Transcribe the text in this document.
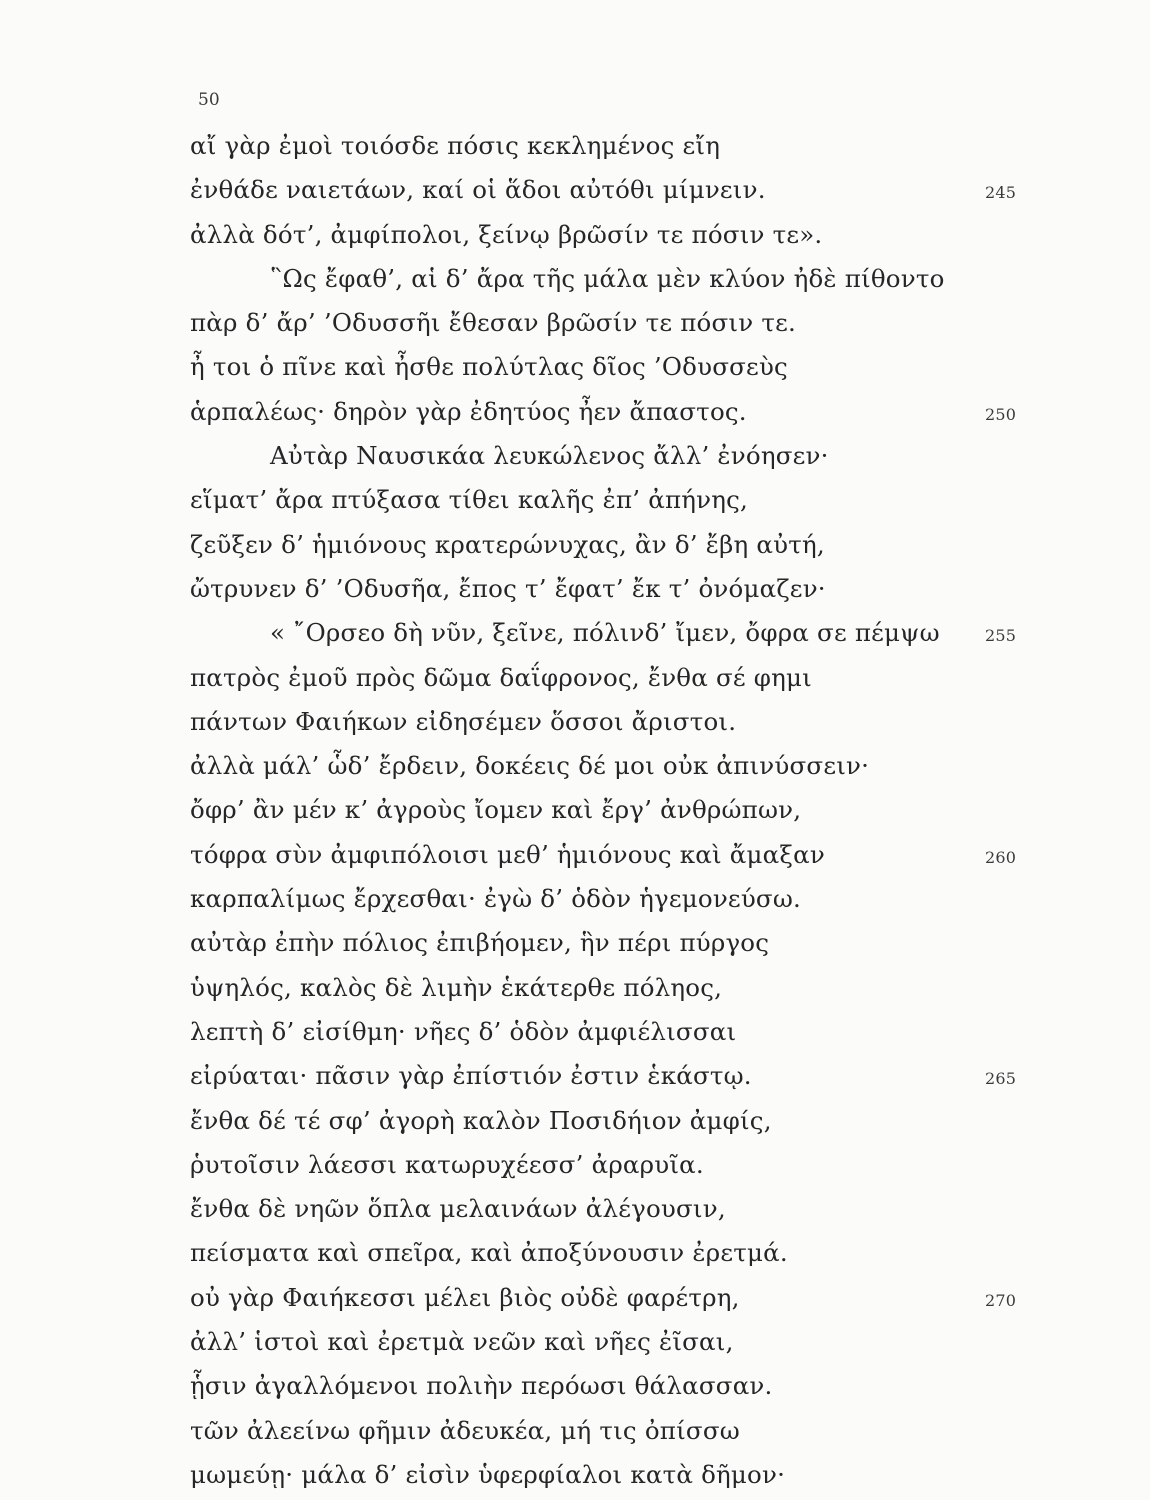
50
αἴ γὰρ ἐμοὶ τοιόσδε πόσις κεκλημένος εἴη
ἐνθάδε ναιετάων, καί οἱ ἅδοι αὐτόθι μίμνειν.	245
ἀλλὰ δότ’, ἀμφίπολοι, ξείνῳ βρῶσίν τε πόσιν τε».
῝Ως ἔφαθ’, αἱ δ’ ἄρα τῆς μάλα μὲν κλύον ἠδὲ πίθοντο
πὰρ δ’ ἄρ’ ’Οδυσσῆι ἔθεσαν βρῶσίν τε πόσιν τε.
ἦ τοι ὁ πῖνε καὶ ἦσθε πολύτλας δῖος ’Οδυσσεὺς
ἁρπαλέως· δηρὸν γὰρ ἐδητύος ἦεν ἄπαστος.	250
Αὐτὰρ Ναυσικάα λευκώλενος ἄλλ’ ἐνόησεν·
εἵματ’ ἄρα πτύξασα τίθει καλῆς ἐπ’ ἀπήνης,
ζεῦξεν δ’ ἡμιόνους κρατερώνυχας, ἂν δ’ ἔβη αὐτή,
ὤτρυνεν δ’ ’Οδυσῆα, ἔπος τ’ ἔφατ’ ἔκ τ’ ὀνόμαζεν·
« ῎Ορσεο δὴ νῦν, ξεῖνε, πόλινδ’ ἴμεν, ὄφρα σε πέμψω	255
πατρὸς ἐμοῦ πρὸς δῶμα δαΐφρονος, ἔνθα σέ φημι
πάντων Φαιήκων εἰδησέμεν ὅσσοι ἄριστοι.
ἀλλὰ μάλ’ ὧδ’ ἔρδειν, δοκέεις δέ μοι οὐκ ἀπινύσσειν·
ὄφρ’ ἂν μέν κ’ ἀγροὺς ἴομεν καὶ ἔργ’ ἀνθρώπων,
τόφρα σὺν ἀμφιπόλοισι μεθ’ ἡμιόνους καὶ ἄμαξαν	260
καρπαλίμως ἔρχεσθαι· ἐγὼ δ’ ὁδὸν ἡγεμονεύσω.
αὐτὰρ ἐπὴν πόλιος ἐπιβήομεν, ἣν πέρι πύργος
ὑψηλός, καλὸς δὲ λιμὴν ἑκάτερθε πόληος,
λεπτὴ δ’ εἰσίθμη· νῆες δ’ ὁδὸν ἀμφιέλισσαι
εἰρύαται· πᾶσιν γὰρ ἐπίστιόν ἐστιν ἑκάστῳ.	265
ἔνθα δέ τέ σφ’ ἀγορὴ καλὸν Ποσιδήιον ἀμφίς,
ῥυτοῖσιν λάεσσι κατωρυχέεσσ’ ἀραρυῖα.
ἔνθα δὲ νηῶν ὅπλα μελαινάων ἀλέγουσιν,
πείσματα καὶ σπεῖρα, καὶ ἀποξύνουσιν ἐρετμά.
οὐ γὰρ Φαιήκεσσι μέλει βιὸς οὐδὲ φαρέτρη,	270
ἀλλ’ ἱστοὶ καὶ ἐρετμὰ νεῶν καὶ νῆες ἐῖσαι,
ᾗσιν ἀγαλλόμενοι πολιὴν περόωσι θάλασσαν.
τῶν ἀλεείνω φῆμιν ἀδευκέα, μή τις ὀπίσσω
μωμεύῃ· μάλα δ’ εἰσὶν ὑφερφίαλοι κατὰ δῆμον·
